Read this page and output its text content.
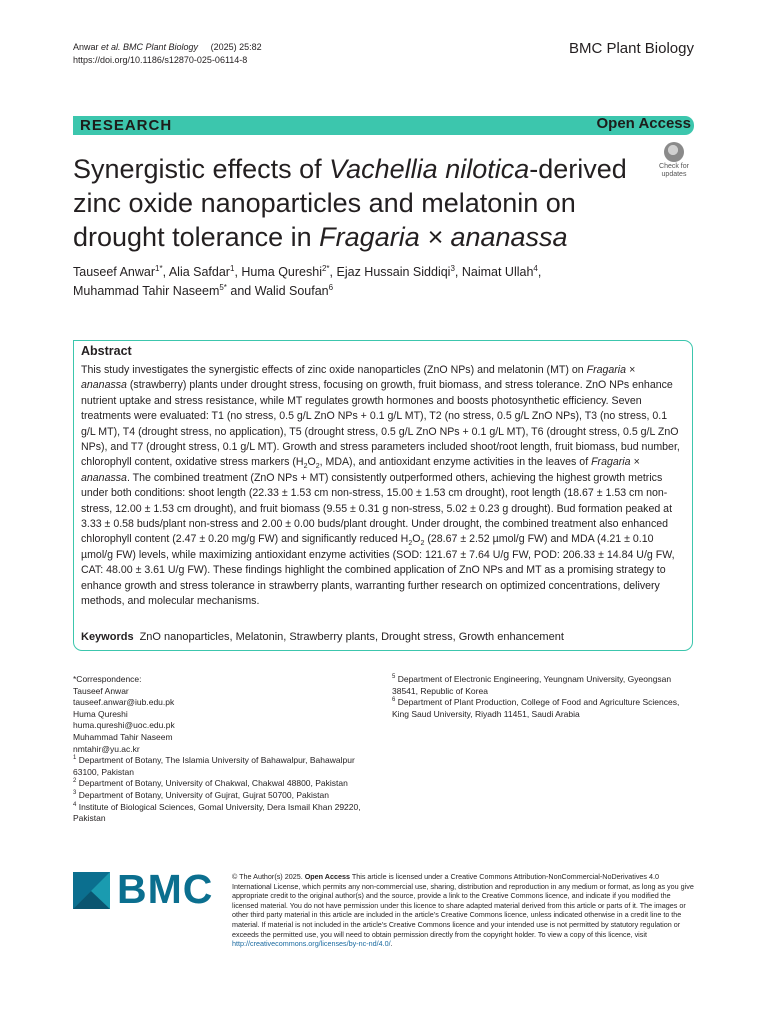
Anwar et al. BMC Plant Biology (2025) 25:82
https://doi.org/10.1186/s12870-025-06114-8
BMC Plant Biology
RESEARCH	Open Access
Synergistic effects of Vachellia nilotica-derived zinc oxide nanoparticles and melatonin on drought tolerance in Fragaria × ananassa
Check for updates
Tauseef Anwar$^{1*}$, Alia Safdar$^1$, Huma Qureshi$^{2*}$, Ejaz Hussain Siddiqi$^3$, Naimat Ullah$^4$,
Muhammad Tahir Naseem$^{5*}$ and Walid Soufan$^6$
Abstract
This study investigates the synergistic effects of zinc oxide nanoparticles (ZnO NPs) and melatonin (MT) on Fragaria × ananassa (strawberry) plants under drought stress, focusing on growth, fruit biomass, and stress tolerance. ZnO NPs enhance nutrient uptake and stress resistance, while MT regulates growth hormones and boosts photosynthetic efficiency. Seven treatments were evaluated: T1 (no stress, 0.5 g/L ZnO NPs + 0.1 g/L MT), T2 (no stress, 0.5 g/L ZnO NPs), T3 (no stress, 0.1 g/L MT), T4 (drought stress, no application), T5 (drought stress, 0.5 g/L ZnO NPs + 0.1 g/L MT), T6 (drought stress, 0.5 g/L ZnO NPs), and T7 (drought stress, 0.1 g/L MT). Growth and stress parameters included shoot/root length, fruit biomass, bud number, chlorophyll content, oxidative stress markers ($H_2O_2$, MDA), and antioxidant enzyme activities in the leaves of Fragaria × ananassa. The combined treatment (ZnO NPs + MT) consistently outperformed others, achieving the highest growth metrics under both conditions: shoot length (22.33 ± 1.53 cm non-stress, 15.00 ± 1.53 cm drought), root length (18.67 ± 1.53 cm non-stress, 12.00 ± 1.53 cm drought), and fruit biomass (9.55 ± 0.31 g non-stress, 5.02 ± 0.23 g drought). Bud formation peaked at 3.33 ± 0.58 buds/plant non-stress and 2.00 ± 0.00 buds/plant drought. Under drought, the combined treatment also enhanced chlorophyll content (2.47 ± 0.20 mg/g FW) and significantly reduced $H_2O_2$ (28.67 ± 2.52 µmol/g FW) and MDA (4.21 ± 0.10 µmol/g FW) levels, while maximizing antioxidant enzyme activities (SOD: 121.67 ± 7.64 U/g FW, POD: 206.33 ± 14.84 U/g FW, CAT: 48.00 ± 3.61 U/g FW). These findings highlight the combined application of ZnO NPs and MT as a promising strategy to enhance growth and stress tolerance in strawberry plants, warranting further research on optimized concentrations, delivery methods, and molecular mechanisms.
Keywords ZnO nanoparticles, Melatonin, Strawberry plants, Drought stress, Growth enhancement
*Correspondence:
Tauseef Anwar
tauseef.anwar@iub.edu.pk
Huma Qureshi
huma.qureshi@uoc.edu.pk
Muhammad Tahir Naseem
nmtahir@yu.ac.kr
$^1$ Department of Botany, The Islamia University of Bahawalpur, Bahawalpur 63100, Pakistan
$^2$ Department of Botany, University of Chakwal, Chakwal 48800, Pakistan
$^3$ Department of Botany, University of Gujrat, Gujrat 50700, Pakistan
$^4$ Institute of Biological Sciences, Gomal University, Dera Ismail Khan 29220, Pakistan
$^5$ Department of Electronic Engineering, Yeungnam University, Gyeongsan 38541, Republic of Korea
$^6$ Department of Plant Production, College of Food and Agriculture Sciences, King Saud University, Riyadh 11451, Saudi Arabia
BMC	© The Author(s) 2025. Open Access This article is licensed under a Creative Commons Attribution-NonCommercial-NoDerivatives 4.0 International License, which permits any non-commercial use, sharing, distribution and reproduction in any medium or format, as long as you give appropriate credit to the original author(s) and the source, provide a link to the Creative Commons licence, and indicate if you modified the licensed material. You do not have permission under this licence to share adapted material derived from this article or parts of it. The images or other third party material in this article are included in the article’s Creative Commons licence, unless indicated otherwise in a credit line to the material. If material is not included in the article’s Creative Commons licence and your intended use is not permitted by statutory regulation or exceeds the permitted use, you will need to obtain permission directly from the copyright holder. To view a copy of this licence, visit http://creativecommons.org/licenses/by-nc-nd/4.0/.
